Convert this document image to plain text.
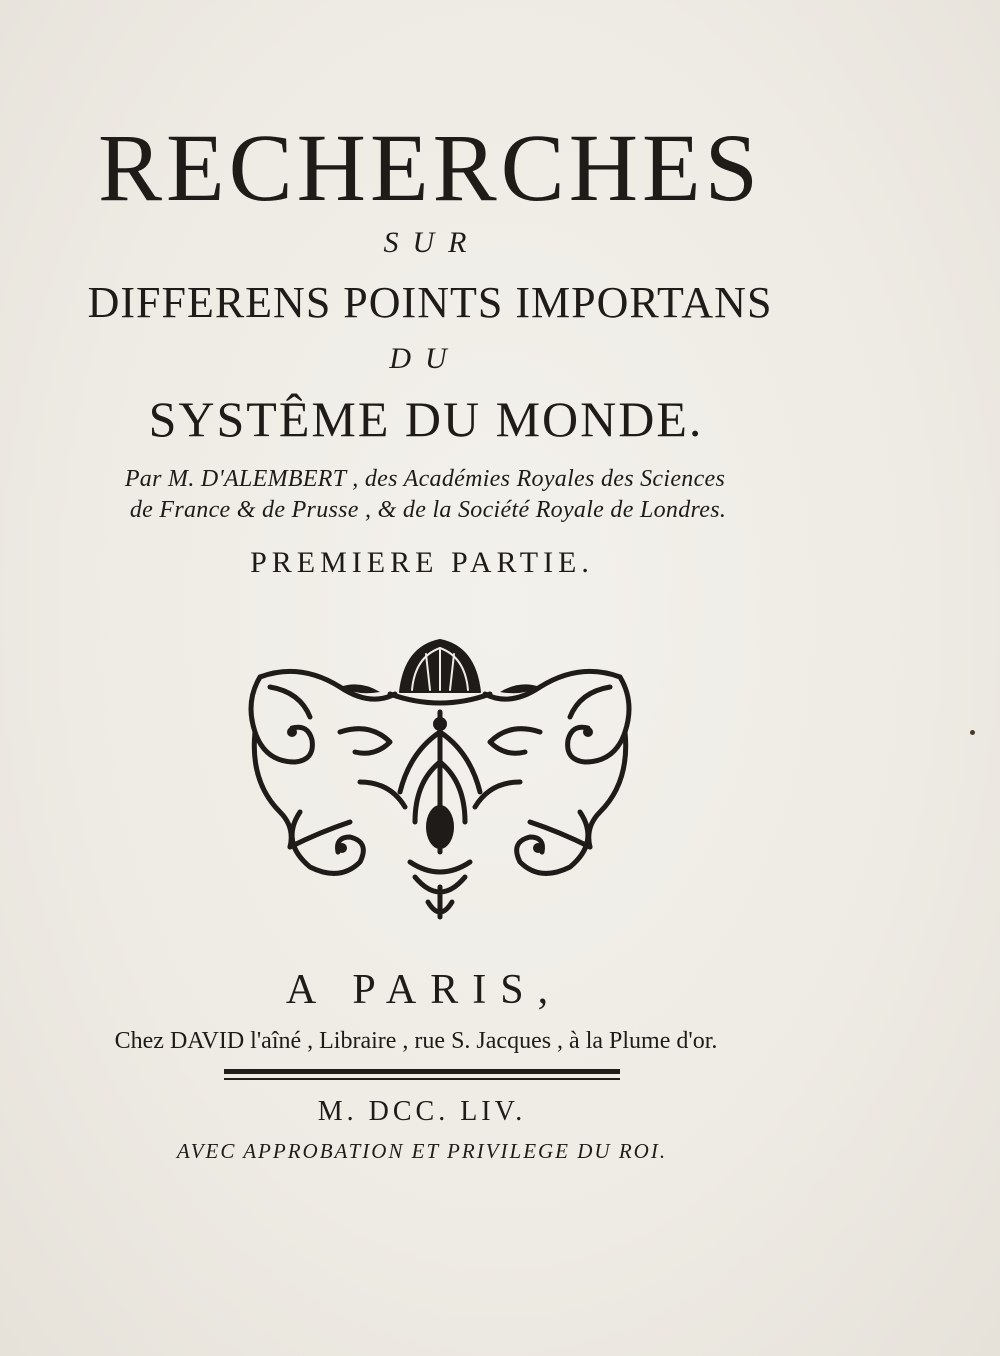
RECHERCHES
SUR
DIFFERENS POINTS IMPORTANS
DU
SYSTÊME DU MONDE.
Par M. D'ALEMBERT , des Académies Royales des Sciences
de France & de Prusse , & de la Société Royale de Londres.
PREMIERE PARTIE.
A PARIS,
Chez DAVID l'aîné , Libraire , rue S. Jacques , à la Plume d'or.
M. DCC. LIV.
AVEC APPROBATION ET PRIVILEGE DU ROI.
